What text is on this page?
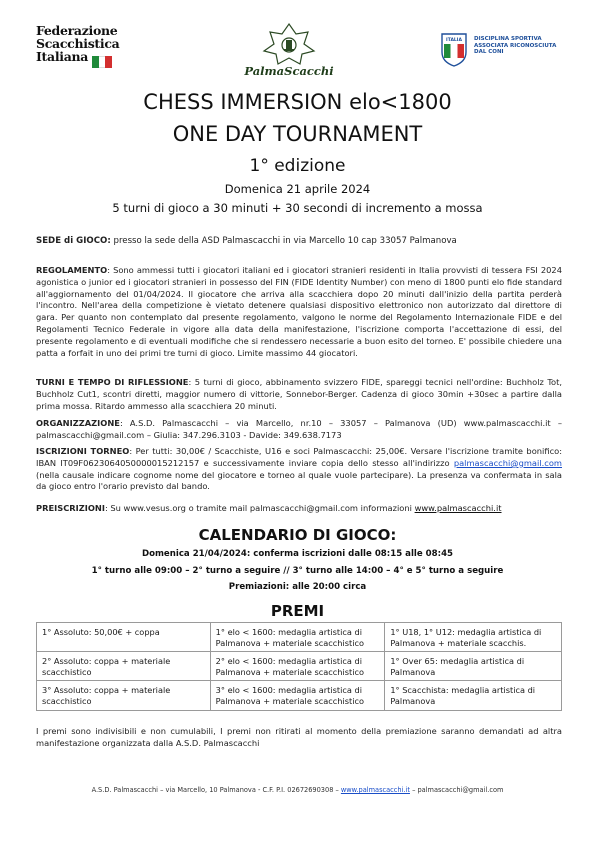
Federazione
Scacchistica
Italiana
PalmaScacchi
ITALIA DISCIPLINA SPORTIVA
ASSOCIATA RICONOSCIUTA
DAL CONI
CHESS IMMERSION elo<1800
ONE DAY TOURNAMENT
1° edizione
Domenica 21 aprile 2024
5 turni di gioco a 30 minuti + 30 secondi di incremento a mossa
SEDE di GIOCO: presso la sede della ASD Palmascacchi in via Marcello 10 cap 33057 Palmanova
REGOLAMENTO: Sono ammessi tutti i giocatori italiani ed i giocatori stranieri residenti in Italia provvisti di tessera FSI 2024 agonistica o junior ed i giocatori stranieri in possesso del FIN (FIDE Identity Number) con meno di 1800 punti elo fide standard all'aggiornamento del 01/04/2024. Il giocatore che arriva alla scacchiera dopo 20 minuti dall'inizio della partita perderà l'incontro. Nell'area della competizione è vietato detenere qualsiasi dispositivo elettronico non autorizzato dal direttore di gara. Per quanto non contemplato dal presente regolamento, valgono le norme del Regolamento Internazionale FIDE e del Regolamenti Tecnico Federale in vigore alla data della manifestazione, l'iscrizione comporta l'accettazione di essi, del presente regolamento e di eventuali modifiche che si rendessero necessarie a buon esito del torneo. E' possibile chiedere una patta a forfait in uno dei primi tre turni di gioco. Limite massimo 44 giocatori.
TURNI E TEMPO DI RIFLESSIONE: 5 turni di gioco, abbinamento svizzero FIDE, spareggi tecnici nell'ordine: Buchholz Tot, Buchholz Cut1, scontri diretti, maggior numero di vittorie, Sonnebor-Berger. Cadenza di gioco 30min +30sec a partire dalla prima mossa. Ritardo ammesso alla scacchiera 20 minuti.
ORGANIZZAZIONE: A.S.D. Palmascacchi – via Marcello, nr.10 – 33057 – Palmanova (UD) www.palmascacchi.it – palmascacchi@gmail.com – Giulia: 347.296.3103 - Davide: 349.638.7173
ISCRIZIONI TORNEO: Per tutti: 30,00€ / Scacchiste, U16 e soci Palmascacchi: 25,00€. Versare l'iscrizione tramite bonifico: IBAN IT09F0623064050000015212157 e successivamente inviare copia dello stesso all'indirizzo palmascacchi@gmail.com (nella causale indicare cognome nome del giocatore e torneo al quale vuole partecipare). La presenza va confermata in sala da gioco entro l'orario previsto dal bando.
PREISCRIZIONI: Su www.vesus.org o tramite mail palmascacchi@gmail.com informazioni www.palmascacchi.it
CALENDARIO DI GIOCO:
Domenica 21/04/2024: conferma iscrizioni dalle 08:15 alle 08:45
1° turno alle 09:00 – 2° turno a seguire // 3° turno alle 14:00 – 4° e 5° turno a seguire
Premiazioni: alle 20:00 circa
PREMI
1° Assoluto: 50,00€ + coppa	1° elo < 1600: medaglia artistica di Palmanova + materiale scacchistico	1° U18, 1° U12: medaglia artistica di Palmanova + materiale scacchis.
2° Assoluto: coppa + materiale scacchistico	2° elo < 1600: medaglia artistica di Palmanova + materiale scacchistico	1° Over 65: medaglia artistica di Palmanova
3° Assoluto: coppa + materiale scacchistico	3° elo < 1600: medaglia artistica di Palmanova + materiale scacchistico	1° Scacchista: medaglia artistica di Palmanova
I premi sono indivisibili e non cumulabili, I premi non ritirati al momento della premiazione saranno demandati ad altra manifestazione organizzata dalla A.S.D. Palmascacchi
A.S.D. Palmascacchi – via Marcello, 10 Palmanova - C.F. P.I. 02672690308 – www.palmascacchi.it – palmascacchi@gmail.com
